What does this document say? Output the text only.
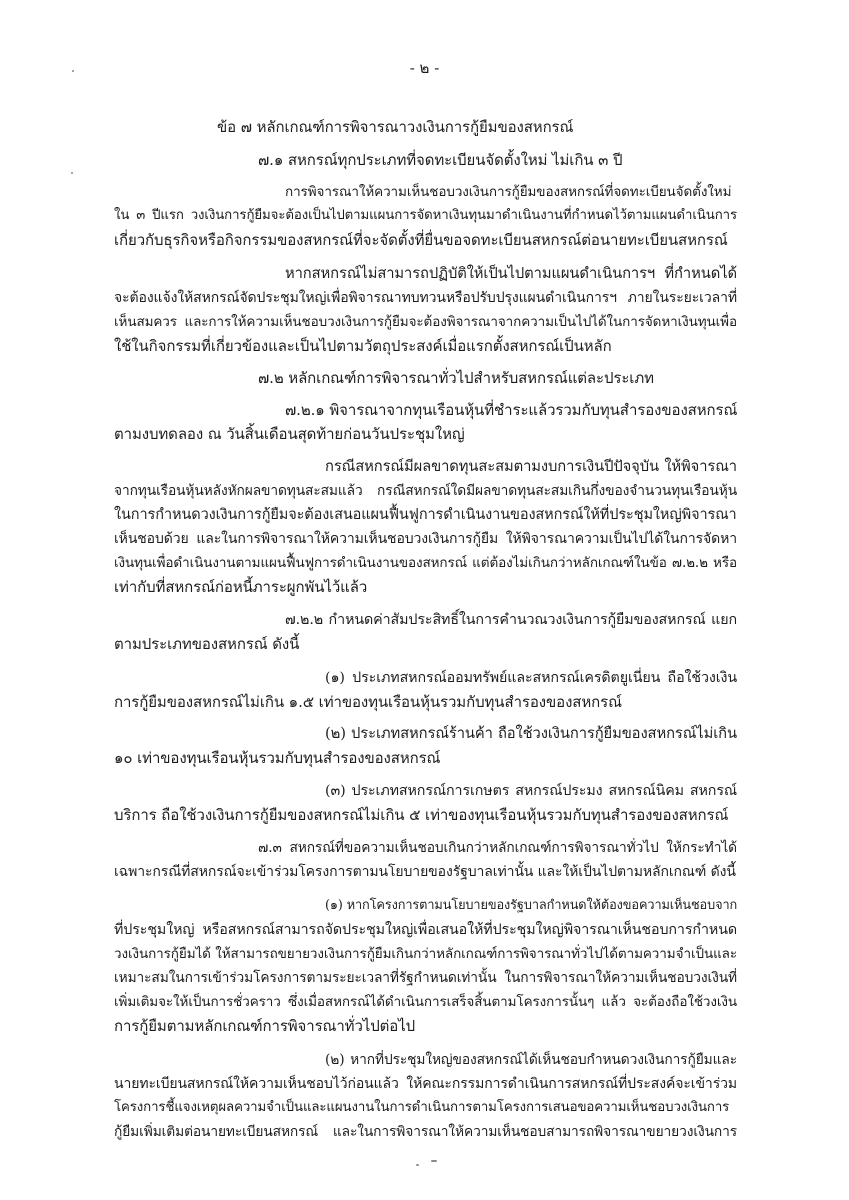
- ๒ -
ข้อ ๗ หลักเกณฑ์การพิจารณาวงเงินการกู้ยืมของสหกรณ์
๗.๑ สหกรณ์ทุกประเภทที่จดทะเบียนจัดตั้งใหม่ ไม่เกิน ๓ ปี
การพิจารณาให้ความเห็นชอบวงเงินการกู้ยืมของสหกรณ์ที่จดทะเบียนจัดตั้งใหม่
ใน ๓ ปีแรก วงเงินการกู้ยืมจะต้องเป็นไปตามแผนการจัดหาเงินทุนมาดำเนินงานที่กำหนดไว้ตามแผนดำเนินการ
เกี่ยวกับธุรกิจหรือกิจกรรมของสหกรณ์ที่จะจัดตั้งที่ยื่นขอจดทะเบียนสหกรณ์ต่อนายทะเบียนสหกรณ์
หากสหกรณ์ไม่สามารถปฏิบัติให้เป็นไปตามแผนดำเนินการฯ ที่กำหนดได้
จะต้องแจ้งให้สหกรณ์จัดประชุมใหญ่เพื่อพิจารณาทบทวนหรือปรับปรุงแผนดำเนินการฯ ภายในระยะเวลาที่
เห็นสมควร และการให้ความเห็นชอบวงเงินการกู้ยืมจะต้องพิจารณาจากความเป็นไปได้ในการจัดหาเงินทุนเพื่อ
ใช้ในกิจกรรมที่เกี่ยวข้องและเป็นไปตามวัตถุประสงค์เมื่อแรกตั้งสหกรณ์เป็นหลัก
๗.๒ หลักเกณฑ์การพิจารณาทั่วไปสำหรับสหกรณ์แต่ละประเภท
๗.๒.๑ พิจารณาจากทุนเรือนหุ้นที่ชำระแล้วรวมกับทุนสำรองของสหกรณ์
ตามงบทดลอง ณ วันสิ้นเดือนสุดท้ายก่อนวันประชุมใหญ่
กรณีสหกรณ์มีผลขาดทุนสะสมตามงบการเงินปีปัจจุบัน ให้พิจารณา
จากทุนเรือนหุ้นหลังหักผลขาดทุนสะสมแล้ว กรณีสหกรณ์ใดมีผลขาดทุนสะสมเกินกึ่งของจำนวนทุนเรือนหุ้น
ในการกำหนดวงเงินการกู้ยืมจะต้องเสนอแผนฟื้นฟูการดำเนินงานของสหกรณ์ให้ที่ประชุมใหญ่พิจารณา
เห็นชอบด้วย และในการพิจารณาให้ความเห็นชอบวงเงินการกู้ยืม ให้พิจารณาความเป็นไปได้ในการจัดหา
เงินทุนเพื่อดำเนินงานตามแผนฟื้นฟูการดำเนินงานของสหกรณ์ แต่ต้องไม่เกินกว่าหลักเกณฑ์ในข้อ ๗.๒.๒ หรือ
เท่ากับที่สหกรณ์ก่อหนี้ภาระผูกพันไว้แล้ว
๗.๒.๒ กำหนดค่าสัมประสิทธิ์ในการคำนวณวงเงินการกู้ยืมของสหกรณ์ แยก
ตามประเภทของสหกรณ์ ดังนี้
(๑) ประเภทสหกรณ์ออมทรัพย์และสหกรณ์เครดิตยูเนี่ยน ถือใช้วงเงิน
การกู้ยืมของสหกรณ์ไม่เกิน ๑.๕ เท่าของทุนเรือนหุ้นรวมกับทุนสำรองของสหกรณ์
(๒) ประเภทสหกรณ์ร้านค้า ถือใช้วงเงินการกู้ยืมของสหกรณ์ไม่เกิน
๑๐ เท่าของทุนเรือนหุ้นรวมกับทุนสำรองของสหกรณ์
(๓) ประเภทสหกรณ์การเกษตร สหกรณ์ประมง สหกรณ์นิคม สหกรณ์
บริการ ถือใช้วงเงินการกู้ยืมของสหกรณ์ไม่เกิน ๕ เท่าของทุนเรือนหุ้นรวมกับทุนสำรองของสหกรณ์
๗.๓ สหกรณ์ที่ขอความเห็นชอบเกินกว่าหลักเกณฑ์การพิจารณาทั่วไป ให้กระทำได้
เฉพาะกรณีที่สหกรณ์จะเข้าร่วมโครงการตามนโยบายของรัฐบาลเท่านั้น และให้เป็นไปตามหลักเกณฑ์ ดังนี้
(๑) หากโครงการตามนโยบายของรัฐบาลกำหนดให้ต้องขอความเห็นชอบจาก
ที่ประชุมใหญ่ หรือสหกรณ์สามารถจัดประชุมใหญ่เพื่อเสนอให้ที่ประชุมใหญ่พิจารณาเห็นชอบการกำหนด
วงเงินการกู้ยืมได้ ให้สามารถขยายวงเงินการกู้ยืมเกินกว่าหลักเกณฑ์การพิจารณาทั่วไปได้ตามความจำเป็นและ
เหมาะสมในการเข้าร่วมโครงการตามระยะเวลาที่รัฐกำหนดเท่านั้น ในการพิจารณาให้ความเห็นชอบวงเงินที่
เพิ่มเติมจะให้เป็นการชั่วคราว ซึ่งเมื่อสหกรณ์ได้ดำเนินการเสร็จสิ้นตามโครงการนั้นๆ แล้ว จะต้องถือใช้วงเงิน
การกู้ยืมตามหลักเกณฑ์การพิจารณาทั่วไปต่อไป
(๒) หากที่ประชุมใหญ่ของสหกรณ์ได้เห็นชอบกำหนดวงเงินการกู้ยืมและ
นายทะเบียนสหกรณ์ให้ความเห็นชอบไว้ก่อนแล้ว ให้คณะกรรมการดำเนินการสหกรณ์ที่ประสงค์จะเข้าร่วม
โครงการชี้แจงเหตุผลความจำเป็นและแผนงานในการดำเนินการตามโครงการเสนอขอความเห็นชอบวงเงินการ
กู้ยืมเพิ่มเติมต่อนายทะเบียนสหกรณ์ และในการพิจารณาให้ความเห็นชอบสามารถพิจารณาขยายวงเงินการ
